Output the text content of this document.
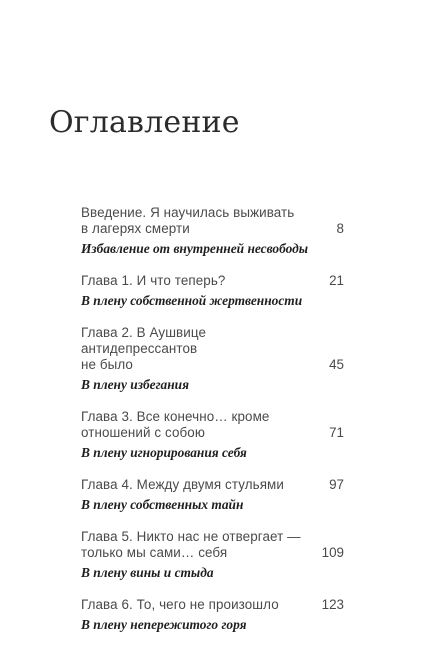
Оглавление
Введение. Я научилась выживать
в лагерях смерти	8
Избавление от внутренней несвободы
Глава 1. И что теперь?	21
В плену собственной жертвенности
Глава 2. В Аушвице антидепрессантов
не было	45
В плену избегания
Глава 3. Все конечно… кроме
отношений с собою	71
В плену игнорирования себя
Глава 4. Между двумя стульями	97
В плену собственных тайн
Глава 5. Никто нас не отвергает —
только мы сами… себя	109
В плену вины и стыда
Глава 6. То, чего не произошло	123
В плену непережитого горя
